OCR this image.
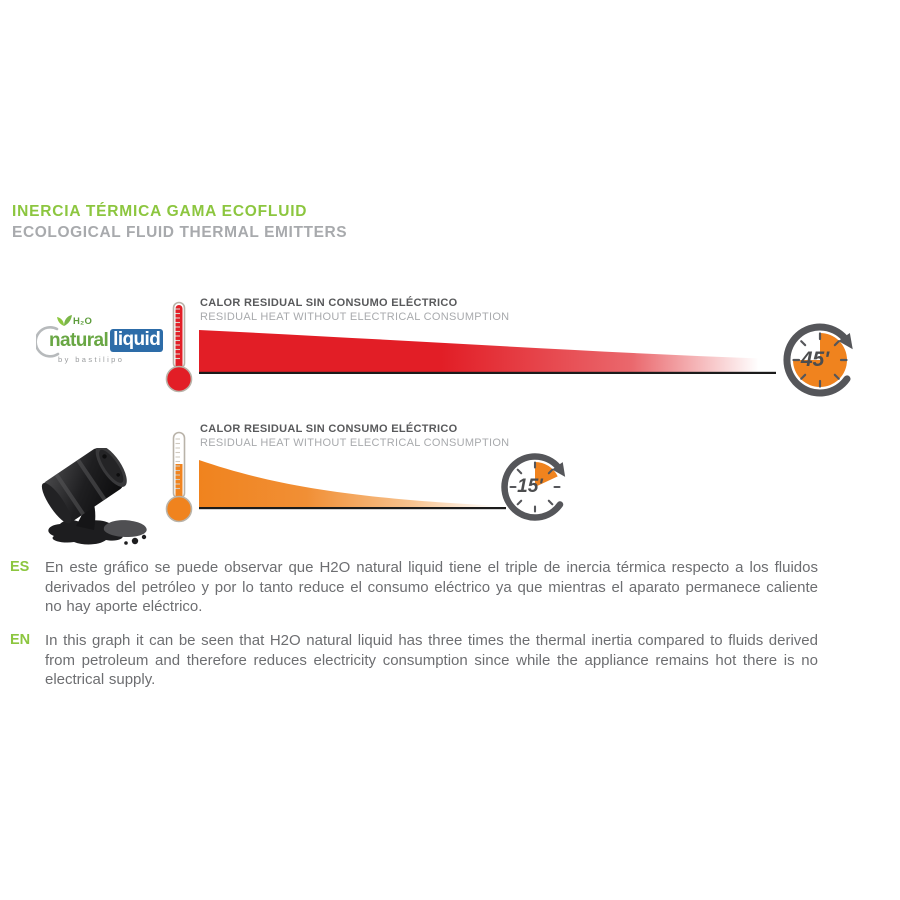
INERCIA TÉRMICA GAMA ECOFLUID
ECOLOGICAL FLUID THERMAL EMITTERS
H₂O
natural liquid
by bastilipo
CALOR RESIDUAL SIN CONSUMO ELÉCTRICO
RESIDUAL HEAT WITHOUT ELECTRICAL CONSUMPTION
45'
CALOR RESIDUAL SIN CONSUMO ELÉCTRICO
RESIDUAL HEAT WITHOUT ELECTRICAL CONSUMPTION
15'
ES	En este gráfico se puede observar que H2O natural liquid tiene el triple de inercia térmica respecto a los fluidos derivados del petróleo y por lo tanto reduce el consumo eléctrico ya que mientras el aparato permanece caliente no hay aporte eléctrico.

EN In this graph it can be seen that H2O natural liquid has three times the thermal inertia compared to fluids derived from petroleum and therefore reduces electricity consumption since while the appliance remains hot there is no electrical supply.
